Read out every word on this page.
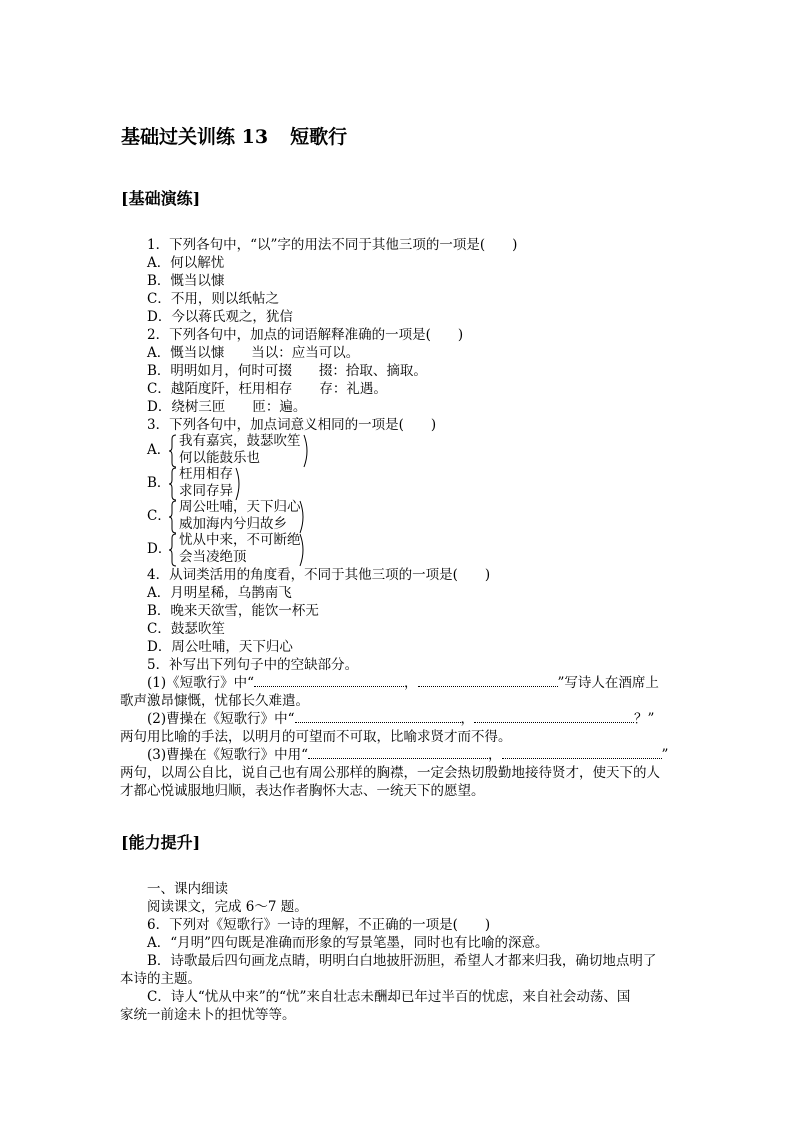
基础过关训练 13 短歌行
[基础演练]
1．下列各句中，“以”字的用法不同于其他三项的一项是(　　)
A．何以解忧
B．慨当以慷
C．不用，则以纸帖之
D．今以蒋氏观之，犹信
2．下列各句中，加点的词语解释准确的一项是(　　)
A．慨当以慷　　当以：应当可以。
B．明明如月，何时可掇　　掇：拾取、摘取。
C．越陌度阡，枉用相存　　存：礼遇。
D．绕树三匝　　匝：遍。
3．下列各句中，加点词意义相同的一项是(　　)
A．
我有嘉宾，鼓瑟吹笙
何以能鼓乐也
B．
枉用相存
求同存异
C．
周公吐哺，天下归心
威加海内兮归故乡
D．
忧从中来，不可断绝
会当凌绝顶
4．从词类活用的角度看，不同于其他三项的一项是(　　)
A．月明星稀，乌鹊南飞
B．晚来天欲雪，能饮一杯无
C．鼓瑟吹笙
D．周公吐哺，天下归心
5．补写出下列句子中的空缺部分。
(1)《短歌行》中“	，	”写诗人在酒席上
歌声激昂慷慨，忧郁长久难遣。
(2)曹操在《短歌行》中“	，	？”
两句用比喻的手法，以明月的可望而不可取，比喻求贤才而不得。
(3)曹操在《短歌行》中用“	，	”
两句，以周公自比，说自己也有周公那样的胸襟，一定会热切殷勤地接待贤才，使天下的人
才都心悦诚服地归顺，表达作者胸怀大志、一统天下的愿望。
[能力提升]
一、课内细读
阅读课文，完成 6～7 题。
6．下列对《短歌行》一诗的理解，不正确的一项是(　　)
A．“月明”四句既是准确而形象的写景笔墨，同时也有比喻的深意。
B．诗歌最后四句画龙点睛，明明白白地披肝沥胆，希望人才都来归我，确切地点明了
本诗的主题。
C．诗人“忧从中来”的“忧”来自壮志未酬却已年过半百的忧虑，来自社会动荡、国
家统一前途未卜的担忧等等。
